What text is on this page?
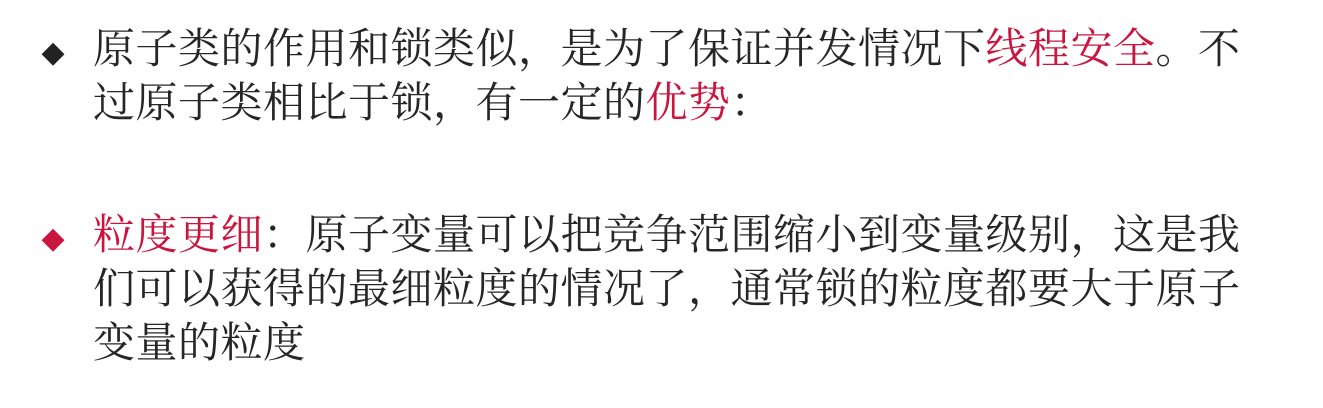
◆ 原子类的作用和锁类似，是为了保证并发情况下线程安全。不过原子类相比于锁，有一定的优势：
◆ 粒度更细：原子变量可以把竞争范围缩小到变量级别，这是我们可以获得的最细粒度的情况了，通常锁的粒度都要大于原子变量的粒度
